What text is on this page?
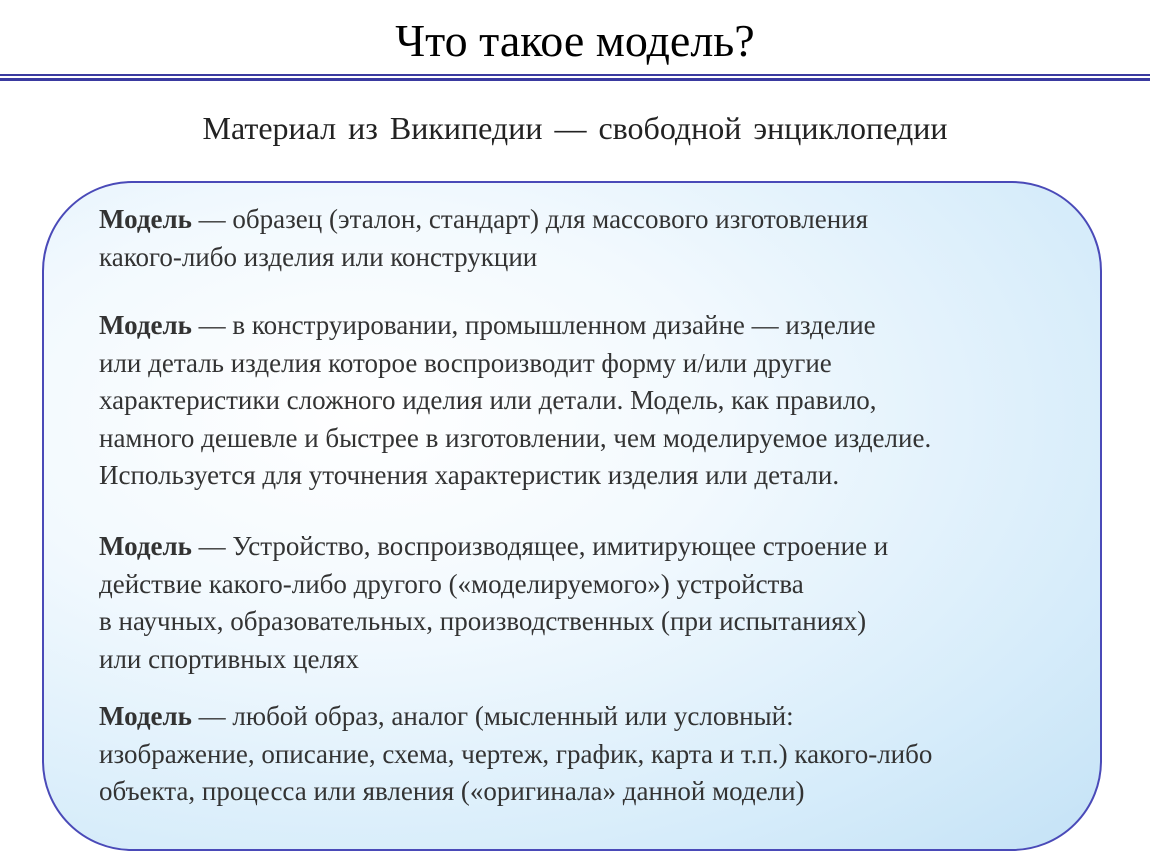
Что такое модель?
Материал из Википедии — свободной энциклопедии
Модель — образец (эталон, стандарт) для массового изготовления
какого-либо изделия или конструкции
Модель — в конструировании, промышленном дизайне — изделие
или деталь изделия которое воспроизводит форму и/или другие
характеристики сложного иделия или детали. Модель, как правило,
намного дешевле и быстрее в изготовлении, чем моделируемое изделие.
Используется для уточнения характеристик изделия или детали.
Модель — Устройство, воспроизводящее, имитирующее строение и
действие какого-либо другого («моделируемого») устройства
в научных, образовательных, производственных (при испытаниях)
или спортивных целях
Модель — любой образ, аналог (мысленный или условный:
изображение, описание, схема, чертеж, график, карта и т.п.) какого-либо
объекта, процесса или явления («оригинала» данной модели)
